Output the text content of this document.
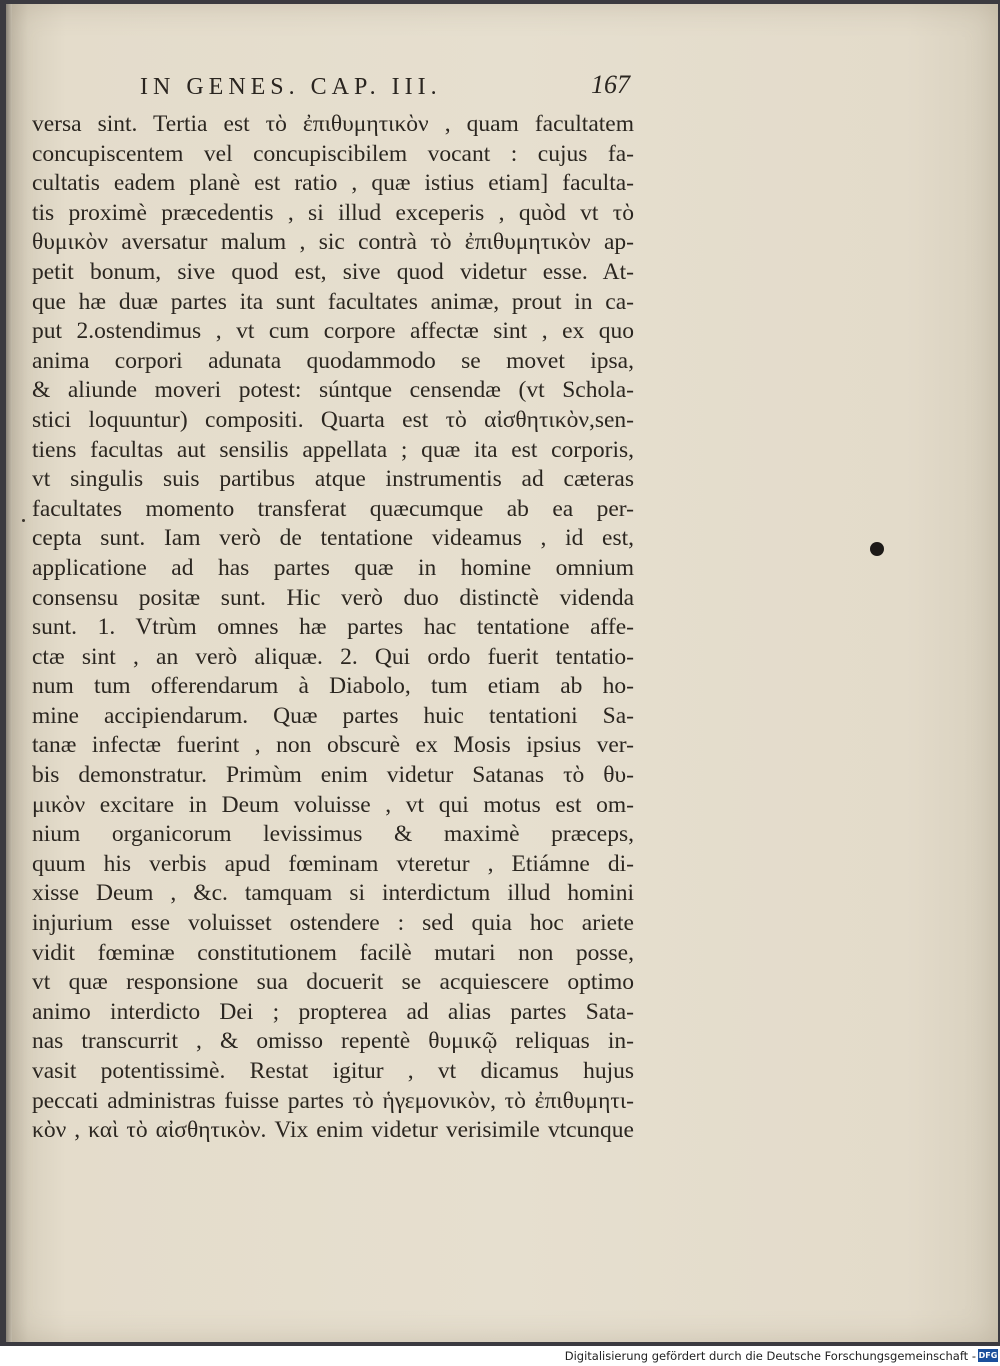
IN GENES. CAP. III.	167
versa sint. Tertia est τὸ ἐπιθυμητικὸν , quam facultatem
concupiscentem vel concupiscibilem vocant : cujus fa-
cultatis eadem planè est ratio , quæ istius etiam] faculta-
tis proximè præcedentis , si illud exceperis , quòd vt τὸ
θυμικὸν aversatur malum , sic contrà τὸ ἐπιθυμητικὸν ap-
petit bonum, sive quod est, sive quod videtur esse. At-
que hæ duæ partes ita sunt facultates animæ, prout in ca-
put 2.ostendimus , vt cum corpore affectæ sint , ex quo
anima corpori adunata quodammodo se movet ipsa,
& aliunde moveri potest: súntque censendæ (vt Schola-
stici loquuntur) compositi. Quarta est τὸ αἰσθητικὸν,sen-
tiens facultas aut sensilis appellata ; quæ ita est corporis,
vt singulis suis partibus atque instrumentis ad cæteras
facultates momento transferat quæcumque ab ea per-
cepta sunt. Iam verò de tentatione videamus , id est,
applicatione ad has partes quæ in homine omnium
consensu positæ sunt. Hic verò duo distinctè videnda
sunt. 1. Vtrùm omnes hæ partes hac tentatione affe-
ctæ sint , an verò aliquæ. 2. Qui ordo fuerit tentatio-
num tum offerendarum à Diabolo, tum etiam ab ho-
mine accipiendarum. Quæ partes huic tentationi Sa-
tanæ infectæ fuerint , non obscurè ex Mosis ipsius ver-
bis demonstratur. Primùm enim videtur Satanas τὸ θυ-
μικὸν excitare in Deum voluisse , vt qui motus est om-
nium organicorum levissimus & maximè præceps,
quum his verbis apud fœminam vteretur , Etiámne di-
xisse Deum , &c. tamquam si interdictum illud homini
injurium esse voluisset ostendere : sed quia hoc ariete
vidit fœminæ constitutionem facilè mutari non posse,
vt quæ responsione sua docuerit se acquiescere optimo
animo interdicto Dei ; propterea ad alias partes Sata-
nas transcurrit , & omisso repentè θυμικῷ reliquas in-
vasit potentissimè. Restat igitur , vt dicamus hujus
peccati administras fuisse partes τὸ ἡγεμονικὸν, τὸ ἐπιθυμητι-
κὸν , καὶ τὸ αἰσθητικὸν. Vix enim videtur verisimile vtcunque
Digitalisierung gefördert durch die Deutsche Forschungsgemeinschaft - DFG
